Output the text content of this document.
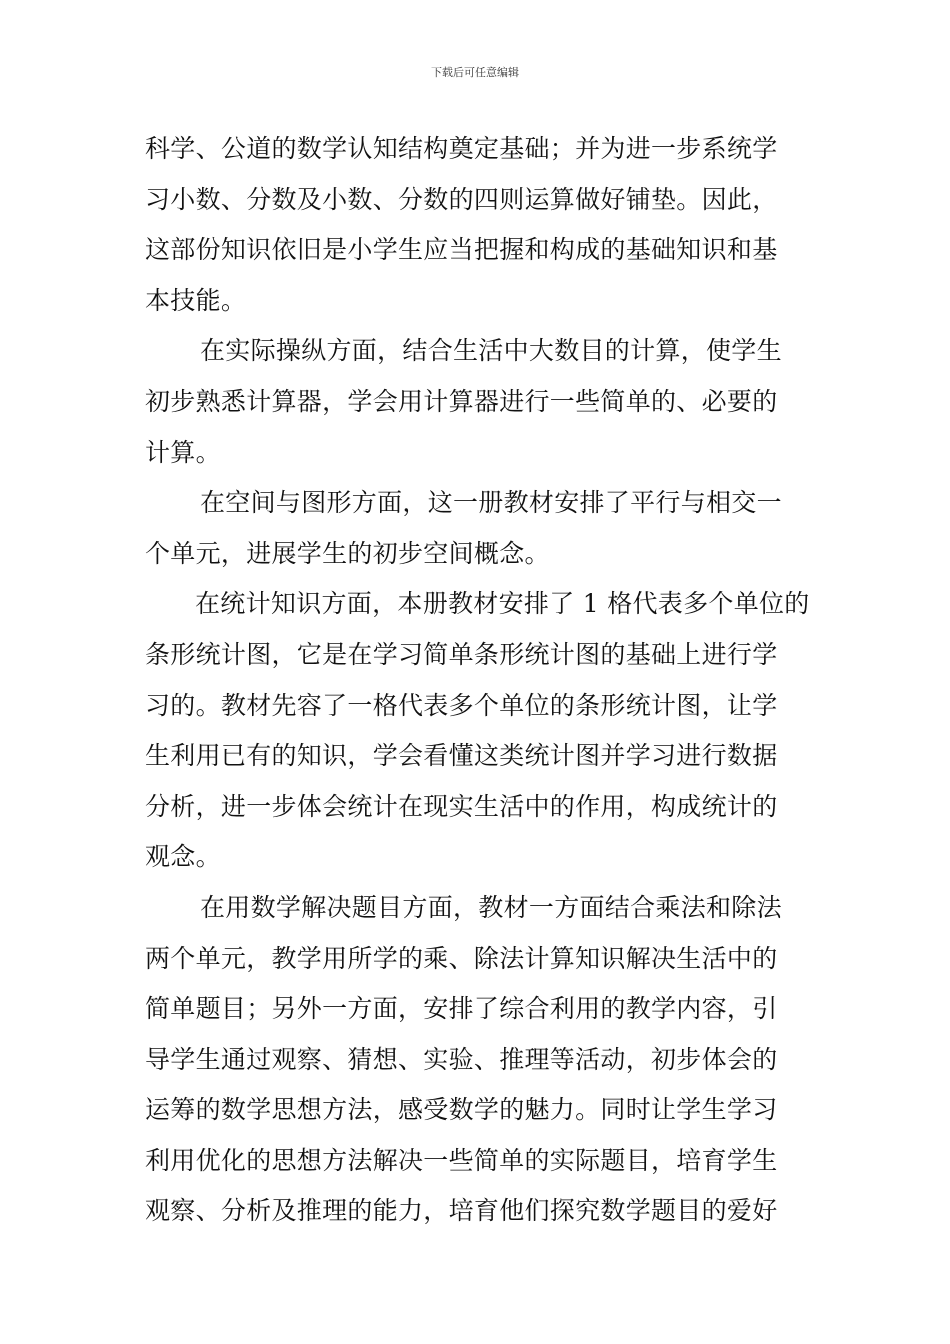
下载后可任意编辑
科学、公道的数学认知结构奠定基础；并为进一步系统学
习小数、分数及小数、分数的四则运算做好铺垫。因此，
这部份知识依旧是小学生应当把握和构成的基础知识和基
本技能。
在实际操纵方面，结合生活中大数目的计算，使学生
初步熟悉计算器，学会用计算器进行一些简单的、必要的
计算。
在空间与图形方面，这一册教材安排了平行与相交一
个单元，进展学生的初步空间概念。
在统计知识方面，本册教材安排了 1 格代表多个单位的
条形统计图，它是在学习简单条形统计图的基础上进行学
习的。教材先容了一格代表多个单位的条形统计图，让学
生利用已有的知识，学会看懂这类统计图并学习进行数据
分析，进一步体会统计在现实生活中的作用，构成统计的
观念。
在用数学解决题目方面，教材一方面结合乘法和除法
两个单元，教学用所学的乘、除法计算知识解决生活中的
简单题目；另外一方面，安排了综合利用的教学内容，引
导学生通过观察、猜想、实验、推理等活动，初步体会的
运筹的数学思想方法，感受数学的魅力。同时让学生学习
利用优化的思想方法解决一些简单的实际题目，培育学生
观察、分析及推理的能力，培育他们探究数学题目的爱好
